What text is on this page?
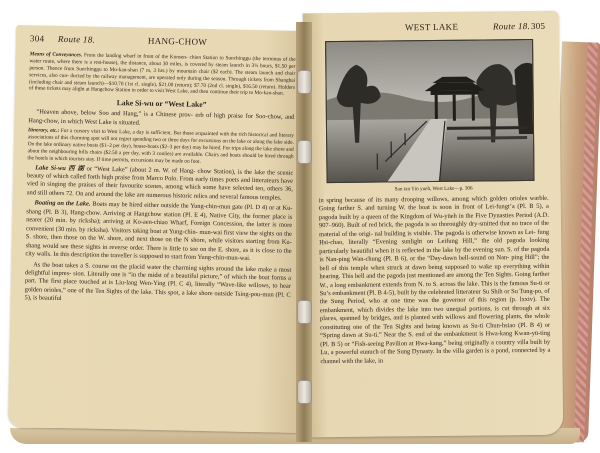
304 Route 18.	HANG-CHOW

Means of Conveyances. From the landing wharf in front of the Konsen- chien Station to Sunchinggu (the terminus of the water route, where there is a rest-house), the distance, about 30 miles, is covered by steam launch in 3½ hours, $1.50 per person. Thence from Sunchinggu to Mo-kan-shan (7 m, 3 hrs.) by mountain chair ($2 each). The steam launch and chair services, also con- ducted by the railway management, are operated only during the season. Through tickets from Shanghai (including chair and steam launch)—$10.70 (1st cl. single), $21.00 (return); $7.70 (2nd cl. single), $16.50 (return). Holders of these tickets may alight at Hangchow Station in order to visit West Lake, and then continue their trip to Mo-kan-shan.

Lake Si-wu or “West Lake”

“Heaven above, below Soo and Hang,” is a Chinese prov- erb of high praise for Soo-chow, and Hang-chow, in which West Lake is situated.

Itinerary, etc.: For a cursory visit to West Lake, a day is sufficient. But those acquainted with the rich historical and literary associations of this charming spot will not regret spending two or three days for excursions on the lake or along the lake side. On the lake ordinary native boats ($1–2 per day), house-boats ($2–3 per day) may be hired. For trips along the lake shore and about the neighbouring hills chairs ($2.50 a per day, with 3 coolies) are available. Chairs and boats should be hired through the hotels in which tourists stay. If time permits, excursions may be made on foot.

Lake Si-wu 西 湖 or “West Lake” (about 2 m. W. of Hang- chow Station), is the lake the scenic beauty of which called forth high praise from Marco Polo. From early times poets and litterateurs have vied in singing the praises of their favourite scenes, among which some have selected ten, others 36, and still others 72. On and around the lake are numerous historic relics and several famous temples.

Boating on the Lake. Boats may be hired either outside the Yung-chin-mun gate (Pl. D 4) or at Ku-shang (Pl. B 3), Hang-chow. Arriving at Hangchow station (Pl. E 4), Native City, the former place is nearer (20 min. by ricksha); arriving at Ko-aen-chiao Wharf, Foreign Concession, the latter is more convenient (30 min. by ricksha). Visitors taking boat at Yung-chin- mun-wai first view the sights on the S. shore, then those on the W. shore, and next those on the N shore, while visitors starting from Ku-shang would see these sights in reverse order. There is little to see on the E. shore, as it is close to the city walls. In this description the traveller is supposed to start from Yung-chin-mun-wai.

As the boat takes a S. course on the placid water the charming sights around the lake make a most delightful impres- sion. Literally one is “in the midst of a beautiful picture,” of which the boat forms a part. The first place touched at is Liu-lang Wen-Ying (Pl. C 4), literally “Wave-like willows, to hear golden orioles,” one of the Ten Sights of the lake. This spot, a lake shore outside Tsing-pou-mun (Pl. C 5), is beautiful

WEST LAKE	Route 18. 305
San tan Yin yueh, West Lake—p. 306

in spring because of its many drooping willows, among which golden orioles warble. Going farther S. and turning W. the boat is soon in front of Lei-fungt’a (Pl. B 5), a pagoda built by a queen of the Kingdom of Wu-yüeh in the Five Dynasties Period (A.D. 907–960). Built of red brick, the pagoda is so thoroughly dry-smitted that no trace of the material of the origi- nal building is visible. The pagoda is otherwise known as Lei- fung Hsi-chao, literally “Evening sunlight on Leifung Hill,” the old pagoda looking particularly beautiful when it is reflected in the lake by the evening sun. S. of the pagoda is Nan-ping Wan-chung (Pl. B 6), or the “Day-dawn bell-sound on Nan- ping Hill”; the bell of this temple when struck at dawn being supposed to wake up everything within hearing. This bell and the pagoda just mentioned are among the Ten Sights. Going farther W., a long embankment extends from N. to S. across the lake. This is the famous Su-ti or Su’s embankment (Pl. B 4-5), built by the celebrated litterateur Su Shih or Su Tung-po, of the Sung Period, who at one time was the governor of this region (p. lxxiv). The embankment, which divides the lake into two unequal portions, is cut through at six places, spanned by bridges, and is planted with willows and flowering plants, the whole constituting one of the Ten Sights and being known as Su-ti Chun-hsiao (Pl. B 4) or “Spring dawn at Su-ti.” Near the S. end of the embankment is Hwa-kang Kwan-yü-ting (Pl. B 5) or “Fish-seeing Pavilion at Hwa-kang,” being originally a country villa built by Lu, a powerful eunuch of the Sung Dynasty. In the villa garden is a pond, connected by a channel with the lake, in
